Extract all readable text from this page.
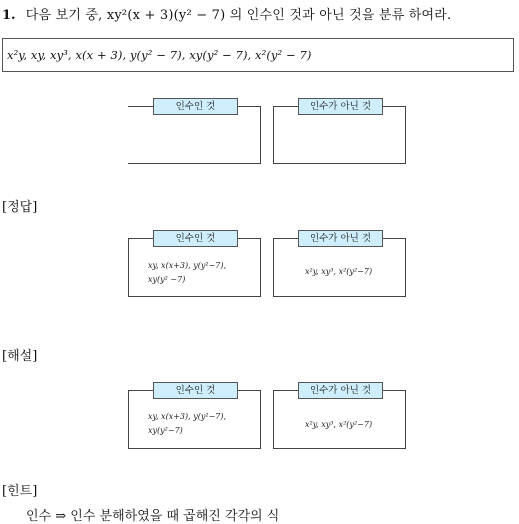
1. 다음 보기 중, xy²(x + 3)(y² − 7) 의 인수인 것과 아닌 것을 분류 하여라.
x²y, xy, xy³, x(x + 3), y(y² − 7), xy(y² − 7), x²(y² − 7)
인수인 것	인수가 아닌 것
[정답]
인수인 것
xy, x(x+3), y(y²−7),
xy(y² −7)
인수가 아닌 것
x²y, xy³, x²(y²−7)
[해설]
인수인 것
xy, x(x+3), y(y²−7),
xy(y²−7)
인수가 아닌 것
x²y, xy³, x²(y²−7)
[힌트]
인수 ⇒ 인수 분해하였을 때 곱해진 각각의 식
